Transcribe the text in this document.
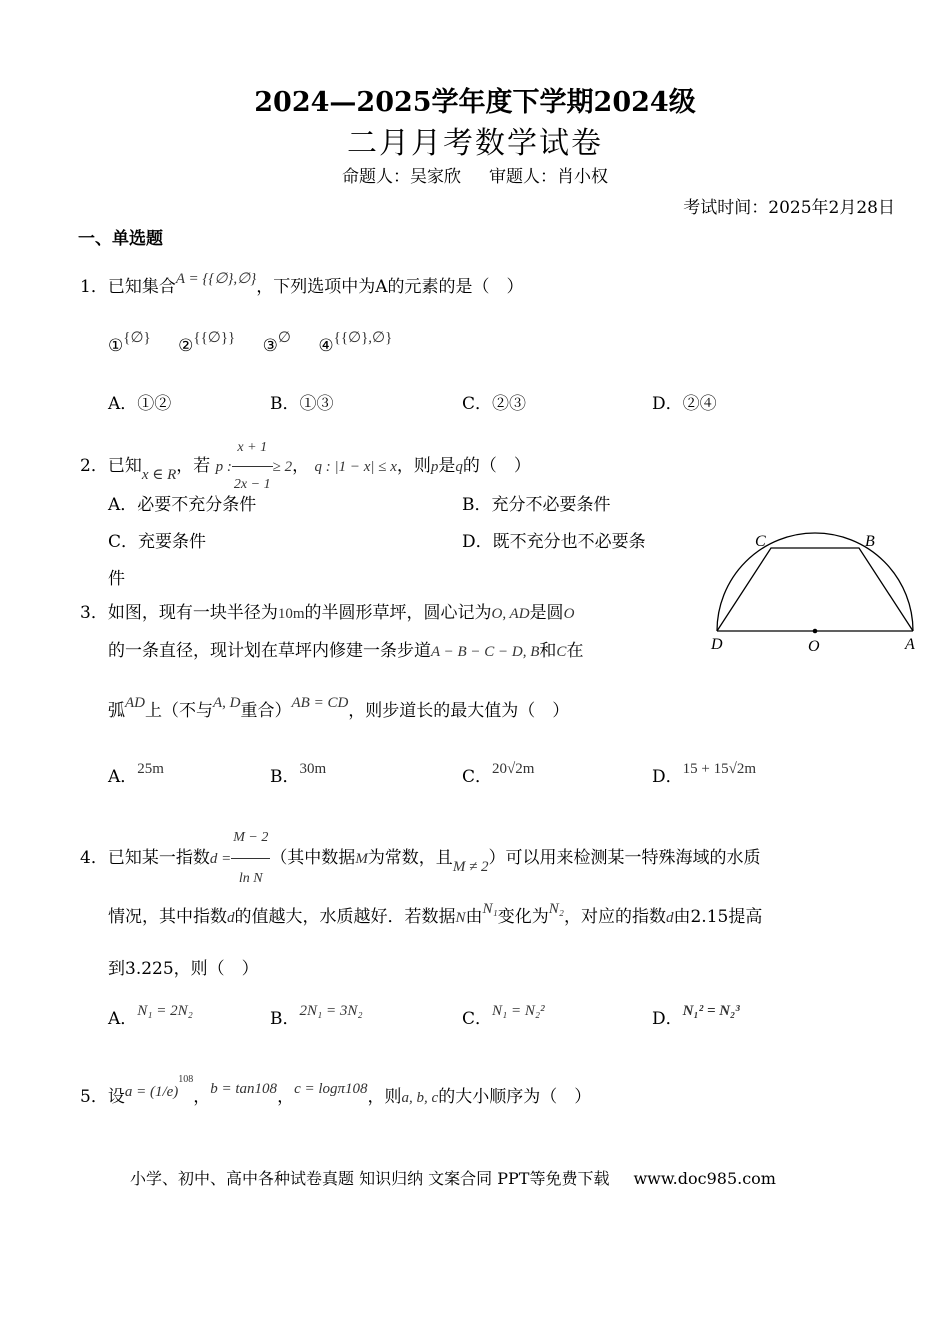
2024—2025学年度下学期2024级
二月月考数学试卷
命题人：吴家欣 审题人：肖小权
考试时间：2025年2月28日
一、单选题
1．已知集合A = {{∅},∅}，下列选项中为A的元素的是（　）
①{∅} ②{{∅}} ③∅ ④{{∅},∅}
A．①②	B．①③	C．②③	D．②④
2．已知x ∈ R，若 p : $\frac{x + 1}{2x - 1} \ge 2$， q : |1 − x| ≤ x，则p是q的（　）
A．必要不充分条件	B．充分不必要条件
C．充要条件	D．既不充分也不必要条
件
3．如图，现有一块半径为10m的半圆形草坪，圆心记为O, AD是圆O
的一条直径，现计划在草坪内修建一条步道A − B − C − D, B和C在
弧AD上（不与A, D重合）AB = CD，则步道长的最大值为（　）
A．25m	B．30m	C．20√2m	D．15 + 15√2m
C	B
D	O	A
4．已知某一指数$d = \frac{M - 2}{\text{ln N}}$ （其中数据M为常数，且M ≠ 2）可以用来检测某一特殊海域的水质
情况，其中指数d的值越大，水质越好．若数据N由N₁变化为N₂，对应的指数d由2.15提高
到3.225，则（　）
A．N₁ = 2N₂	B．2N₁ = 3N₂	C．N₁ = N₂²	D．N₁² = N₂³
5．设$a = (1/e)^{108}$，b = tan108，c = logπ108，则a, b, c的大小顺序为（　）
小学、初中、高中各种试卷真题 知识归纳 文案合同 PPT等免费下载 www.doc985.com
